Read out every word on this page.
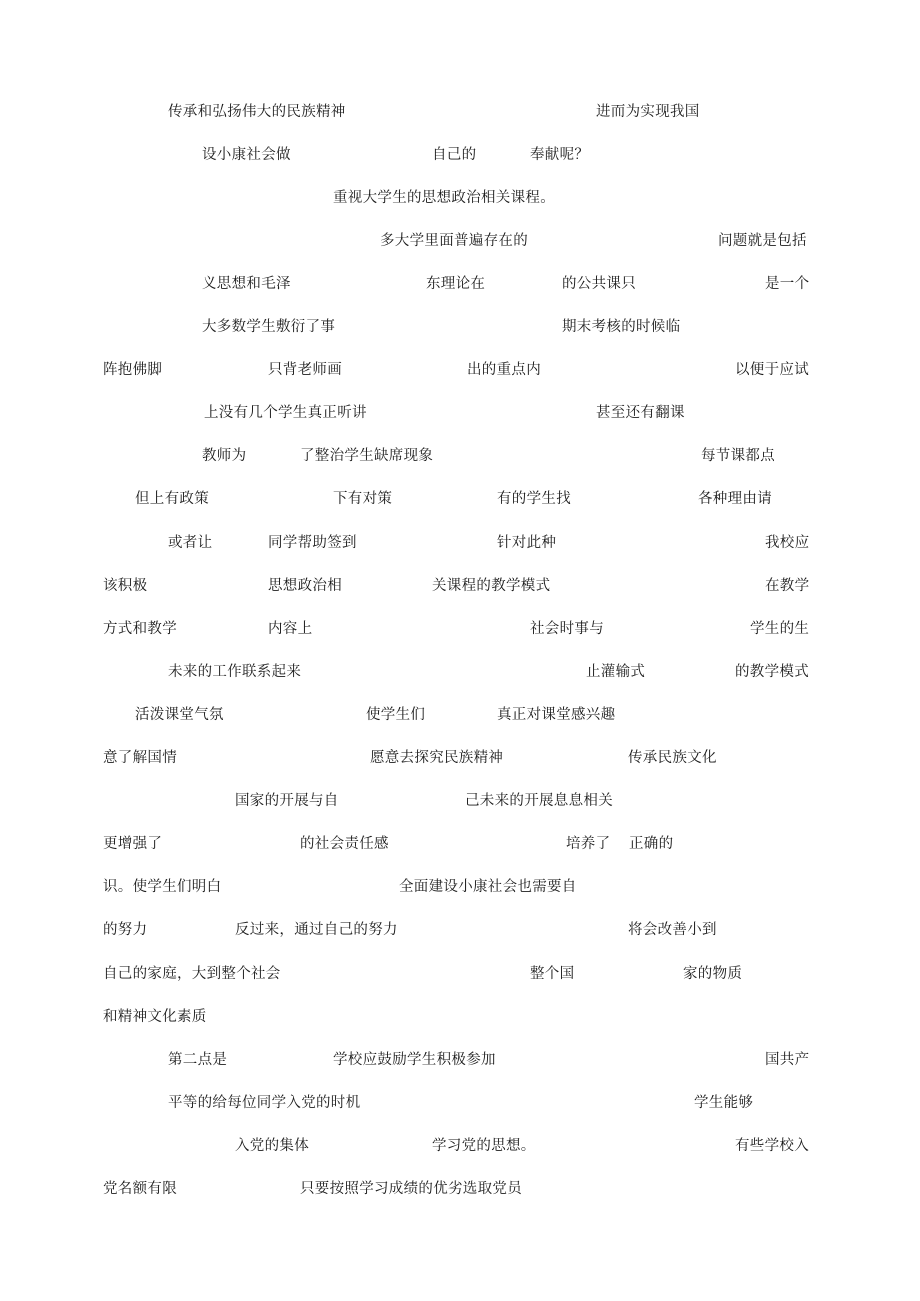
传承和弘扬伟大的民族精神	进而为实现我国
设小康社会做	自己的	奉献呢？
重视大学生的思想政治相关课程。
多大学里面普遍存在的	问题就是包括
义思想和毛泽	东理论在	的公共课只	是一个
大多数学生敷衍了事	期末考核的时候临
阵抱佛脚	只背老师画	出的重点内	以便于应试
上没有几个学生真正听讲	甚至还有翻课
教师为	了整治学生缺席现象	每节课都点
但上有政策	下有对策	有的学生找	各种理由请
或者让	同学帮助签到	针对此种	我校应
该积极	思想政治相	关课程的教学模式	在教学
方式和教学	内容上	社会时事与	学生的生
未来的工作联系起来	止灌输式	的教学模式
活泼课堂气氛	使学生们	真正对课堂感兴趣
意了解国情	愿意去探究民族精神	传承民族文化
国家的开展与自	己未来的开展息息相关
更增强了	的社会责任感	培养了 正确的
识。使学生们明白	全面建设小康社会也需要自
的努力	反过来，通过自己的努力	将会改善小到
自己的家庭，大到整个社会	整个国	家的物质
和精神文化素质
第二点是	学校应鼓励学生积极参加	国共产
平等的给每位同学入党的时机	学生能够
入党的集体	学习党的思想。	有些学校入
党名额有限	只要按照学习成绩的优劣选取党员
